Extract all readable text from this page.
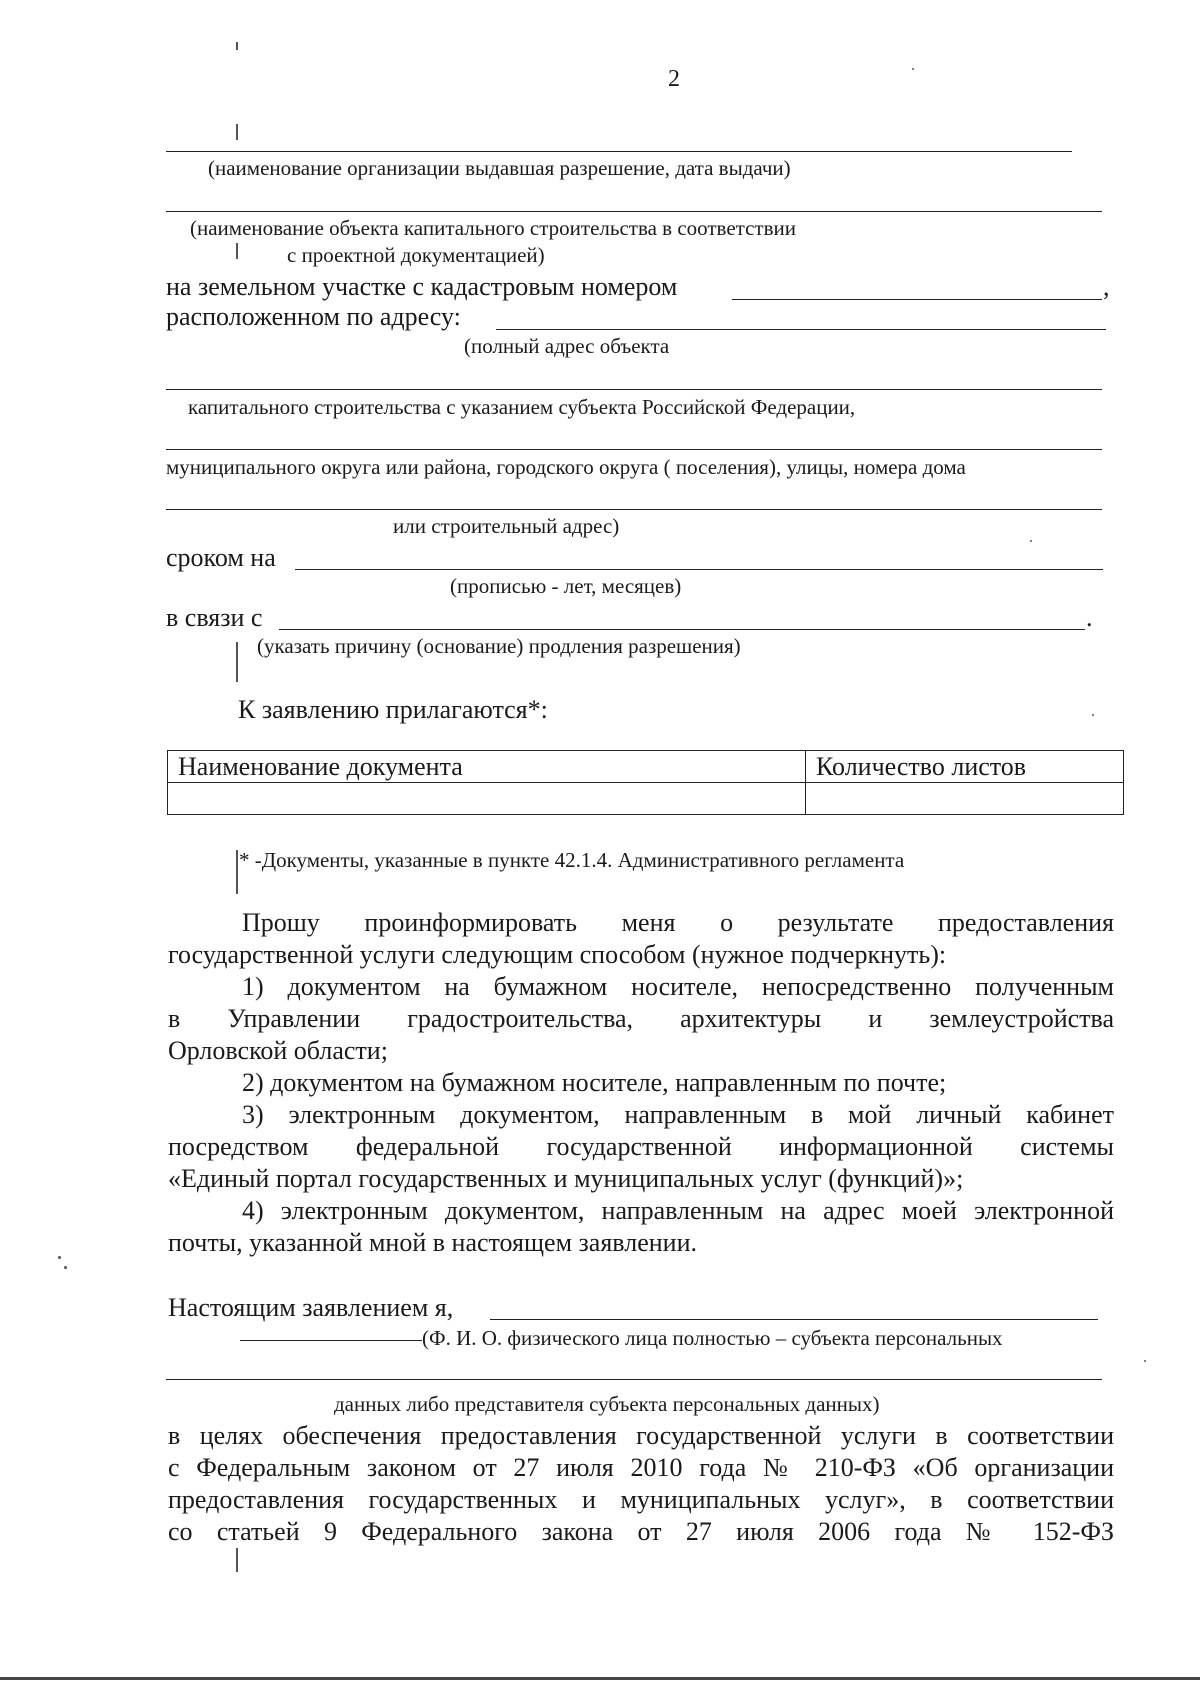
2
(наименование организации выдавшая разрешение, дата выдачи)
(наименование объекта капитального строительства в соответствии
с проектной документацией)
на земельном участке с кадастровым номером	,
расположенном по адресу:
(полный адрес объекта
капитального строительства с указанием субъекта Российской Федерации,
муниципального округа или района, городского округа ( поселения), улицы, номера дома
или строительный адрес)
сроком на
(прописью - лет, месяцев)
в связи с	.
(указать причину (основание) продления разрешения)
К заявлению прилагаются*:
Наименование документа	Количество листов

* -Документы, указанные в пункте 42.1.4. Административного регламента
Прошу проинформировать меня о результате предоставления
государственной услуги следующим способом (нужное подчеркнуть):
1) документом на бумажном носителе, непосредственно полученным
в Управлении градостроительства, архитектуры и землеустройства
Орловской области;
2) документом на бумажном носителе, направленным по почте;
3) электронным документом, направленным в мой личный кабинет
посредством федеральной государственной информационной системы
«Единый портал государственных и муниципальных услуг (функций)»;
4) электронным документом, направленным на адрес моей электронной
почты, указанной мной в настоящем заявлении.
Настоящим заявлением я,
(Ф. И. О. физического лица полностью – субъекта персональных
данных либо представителя субъекта персональных данных)
в целях обеспечения предоставления государственной услуги в соответствии
с Федеральным законом от 27 июля 2010 года № 210-ФЗ «Об организации
предоставления государственных и муниципальных услуг», в соответствии
со статьей 9 Федерального закона от 27 июля 2006 года № 152-ФЗ
